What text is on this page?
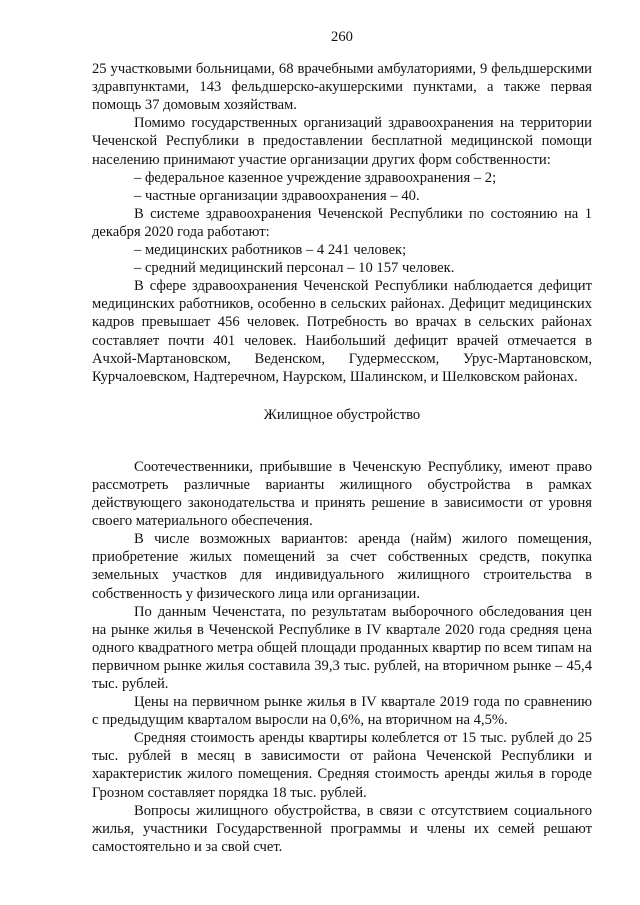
260

25 участковыми больницами, 68 врачебными амбулаториями, 9 фельдшерскими здравпунктами, 143 фельдшерско-акушерскими пунктами, а также первая помощь 37 домовым хозяйствам.

Помимо государственных организаций здравоохранения на территории Чеченской Республики в предоставлении бесплатной медицинской помощи населению принимают участие организации других форм собственности:

– федеральное казенное учреждение здравоохранения – 2;

– частные организации здравоохранения – 40.

В системе здравоохранения Чеченской Республики по состоянию на 1 декабря 2020 года работают:

– медицинских работников – 4 241 человек;

– средний медицинский персонал – 10 157 человек.

В сфере здравоохранения Чеченской Республики наблюдается дефицит медицинских работников, особенно в сельских районах. Дефицит медицинских кадров превышает 456 человек. Потребность во врачах в сельских районах составляет почти 401 человек. Наибольший дефицит врачей отмечается в Ачхой-Мартановском, Веденском, Гудермесском, Урус-Мартановском, Курчалоевском, Надтеречном, Наурском, Шалинском, и Шелковском районах.

Жилищное обустройство

Соотечественники, прибывшие в Чеченскую Республику, имеют право рассмотреть различные варианты жилищного обустройства в рамках действующего законодательства и принять решение в зависимости от уровня своего материального обеспечения.

В числе возможных вариантов: аренда (найм) жилого помещения, приобретение жилых помещений за счет собственных средств, покупка земельных участков для индивидуального жилищного строительства в собственность у физического лица или организации.

По данным Чеченстата, по результатам выборочного обследования цен на рынке жилья в Чеченской Республике в IV квартале 2020 года средняя цена одного квадратного метра общей площади проданных квартир по всем типам на первичном рынке жилья составила 39,3 тыс. рублей, на вторичном рынке – 45,4 тыс. рублей.

Цены на первичном рынке жилья в IV квартале 2019 года по сравнению с предыдущим кварталом выросли на 0,6%, на вторичном на 4,5%.

Средняя стоимость аренды квартиры колеблется от 15 тыс. рублей до 25 тыс. рублей в месяц в зависимости от района Чеченской Республики и характеристик жилого помещения. Средняя стоимость аренды жилья в городе Грозном составляет порядка 18 тыс. рублей.

Вопросы жилищного обустройства, в связи с отсутствием социального жилья, участники Государственной программы и члены их семей решают самостоятельно и за свой счет.
